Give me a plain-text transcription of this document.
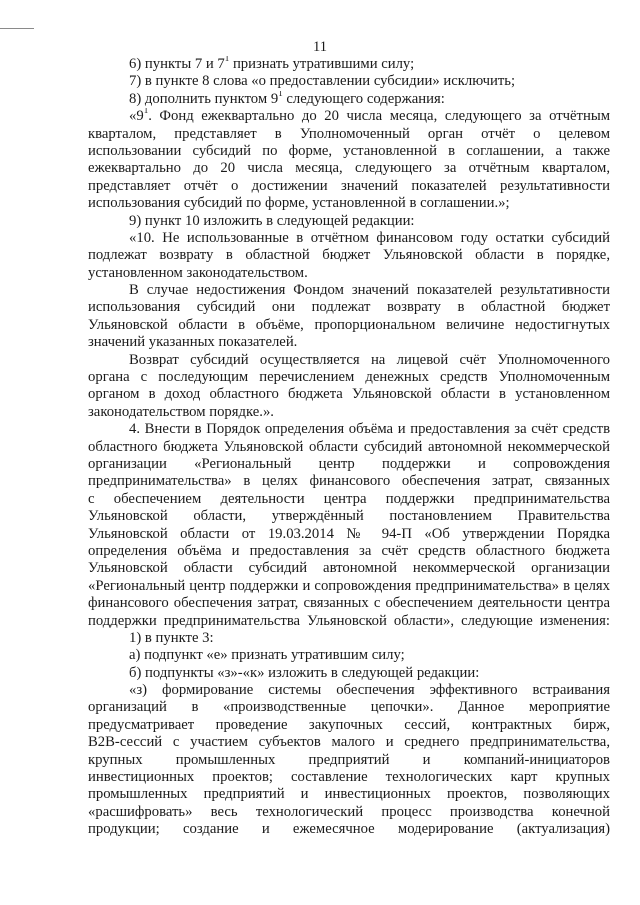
11
6) пункты 7 и $7^1$ признать утратившими силу;
7) в пункте 8 слова «о предоставлении субсидии» исключить;
8) дополнить пунктом $9^1$ следующего содержания:
«$9^1$. Фонд ежеквартально до 20 числа месяца, следующего за отчётным
кварталом, представляет в Уполномоченный орган отчёт о целевом
использовании субсидий по форме, установленной в соглашении, а также
ежеквартально до 20 числа месяца, следующего за отчётным кварталом,
представляет отчёт о достижении значений показателей результативности
использования субсидий по форме, установленной в соглашении.»;
9) пункт 10 изложить в следующей редакции:
«10. Не использованные в отчётном финансовом году остатки субсидий
подлежат возврату в областной бюджет Ульяновской области в порядке,
установленном законодательством.
В случае недостижения Фондом значений показателей результативности
использования субсидий они подлежат возврату в областной бюджет
Ульяновской области в объёме, пропорциональном величине недостигнутых
значений указанных показателей.
Возврат субсидий осуществляется на лицевой счёт Уполномоченного
органа с последующим перечислением денежных средств Уполномоченным
органом в доход областного бюджета Ульяновской области в установленном
законодательством порядке.».
4. Внести в Порядок определения объёма и предоставления за счёт средств
областного бюджета Ульяновской области субсидий автономной некоммерческой
организации «Региональный центр поддержки и сопровождения
предпринимательства» в целях финансового обеспечения затрат, связанных
с обеспечением деятельности центра поддержки предпринимательства
Ульяновской области, утверждённый постановлением Правительства
Ульяновской области от 19.03.2014 № 94-П «Об утверждении Порядка
определения объёма и предоставления за счёт средств областного бюджета
Ульяновской области субсидий автономной некоммерческой организации
«Региональный центр поддержки и сопровождения предпринимательства» в целях
финансового обеспечения затрат, связанных с обеспечением деятельности центра
поддержки предпринимательства Ульяновской области», следующие изменения:
1) в пункте 3:
а) подпункт «е» признать утратившим силу;
б) подпункты «з»-«к» изложить в следующей редакции:
«з) формирование системы обеспечения эффективного встраивания
организаций в «производственные цепочки». Данное мероприятие
предусматривает проведение закупочных сессий, контрактных бирж,
B2B-сессий с участием субъектов малого и среднего предпринимательства,
крупных промышленных предприятий и компаний-инициаторов
инвестиционных проектов; составление технологических карт крупных
промышленных предприятий и инвестиционных проектов, позволяющих
«расшифровать» весь технологический процесс производства конечной
продукции; создание и ежемесячное модерирование (актуализация)
